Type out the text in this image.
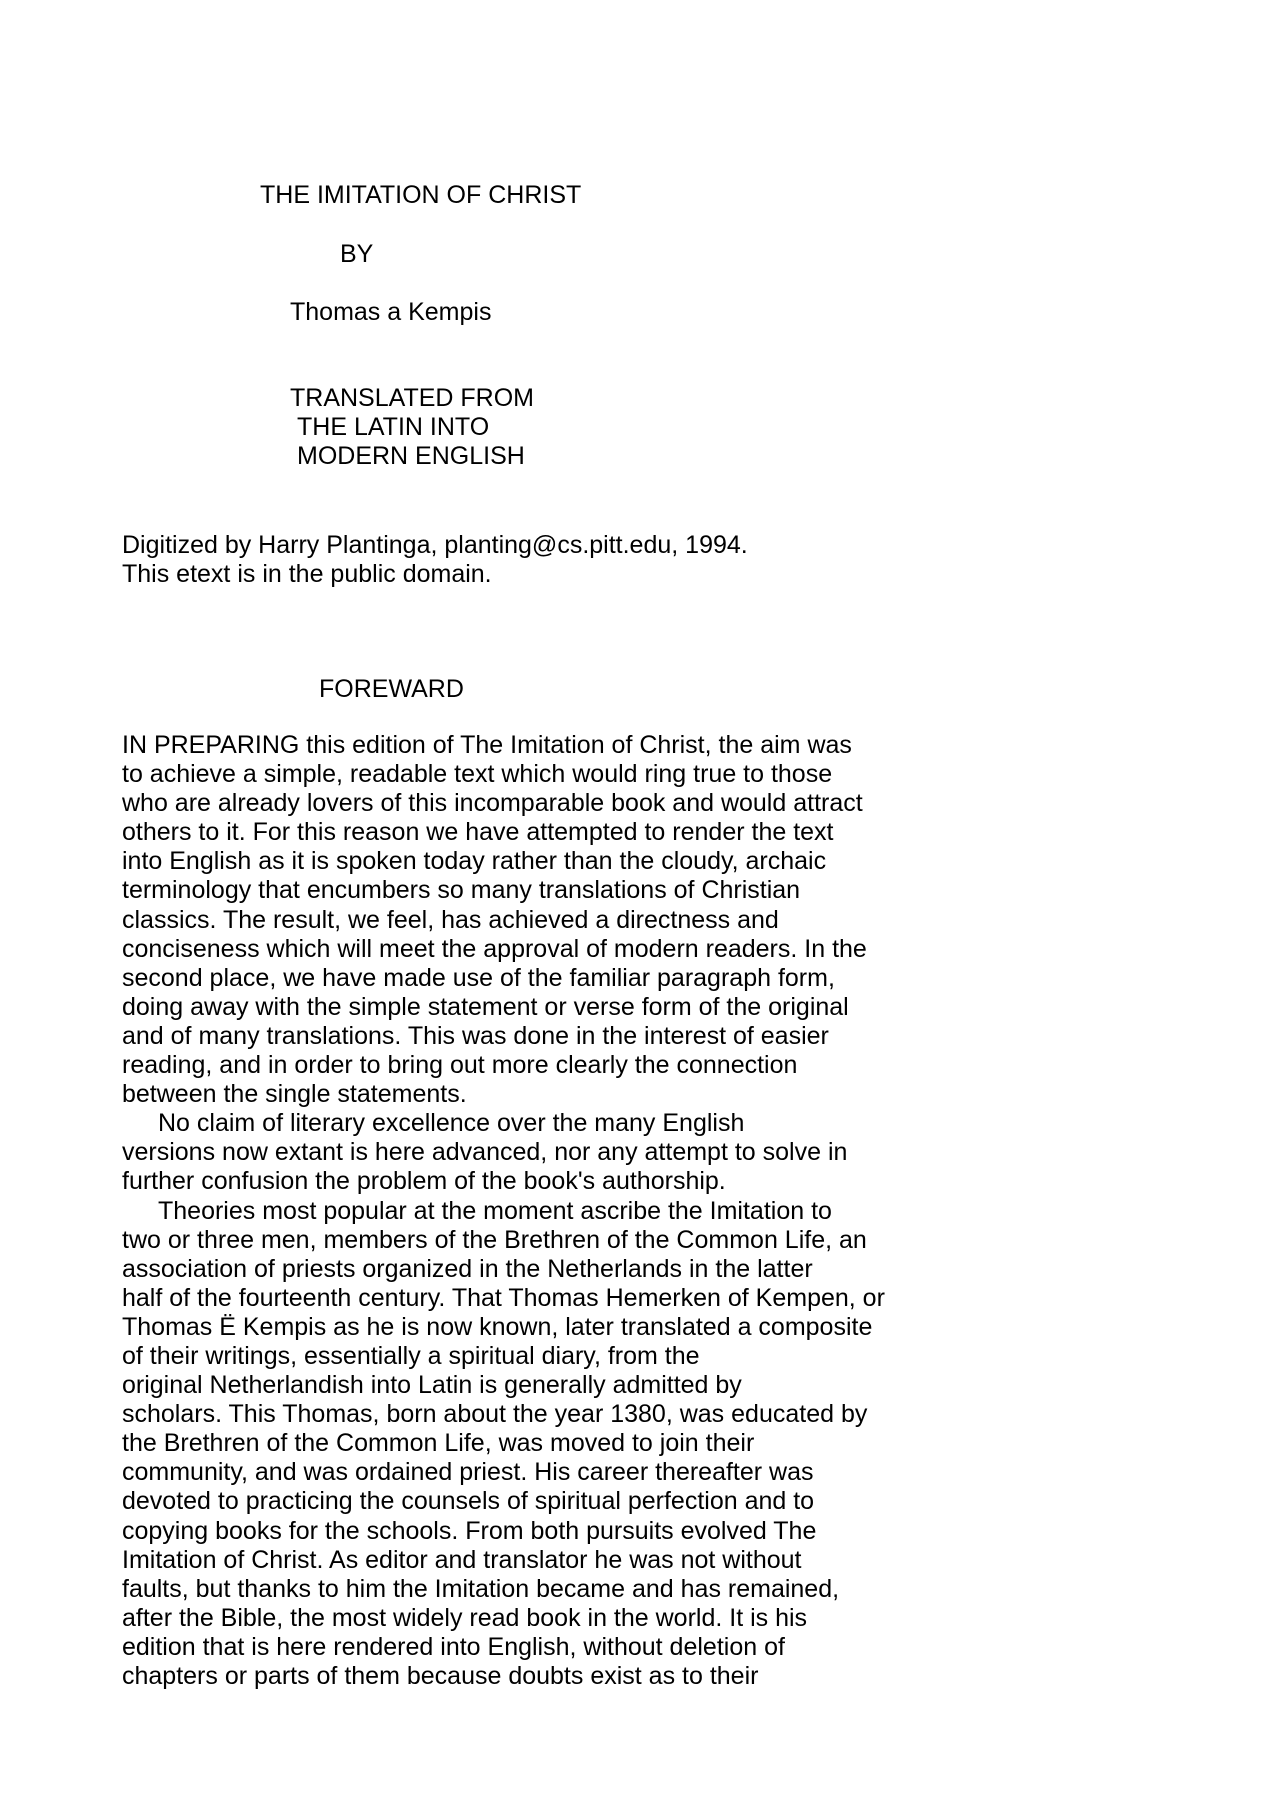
THE IMITATION OF CHRIST

BY

Thomas a Kempis

TRANSLATED FROM

THE LATIN INTO

MODERN ENGLISH

Digitized by Harry Plantinga, planting@cs.pitt.edu, 1994.

This etext is in the public domain.

FOREWARD

IN PREPARING this edition of The Imitation of Christ, the aim was
to achieve a simple, readable text which would ring true to those
who are already lovers of this incomparable book and would attract
others to it. For this reason we have attempted to render the text
into English as it is spoken today rather than the cloudy, archaic
terminology that encumbers so many translations of Christian
classics. The result, we feel, has achieved a directness and
conciseness which will meet the approval of modern readers. In the
second place, we have made use of the familiar paragraph form,
doing away with the simple statement or verse form of the original
and of many translations. This was done in the interest of easier
reading, and in order to bring out more clearly the connection
between the single statements.
No claim of literary excellence over the many English
versions now extant is here advanced, nor any attempt to solve in
further confusion the problem of the book's authorship.
Theories most popular at the moment ascribe the Imitation to
two or three men, members of the Brethren of the Common Life, an
association of priests organized in the Netherlands in the latter
half of the fourteenth century. That Thomas Hemerken of Kempen, or
Thomas Ë Kempis as he is now known, later translated a composite
of their writings, essentially a spiritual diary, from the
original Netherlandish into Latin is generally admitted by
scholars. This Thomas, born about the year 1380, was educated by
the Brethren of the Common Life, was moved to join their
community, and was ordained priest. His career thereafter was
devoted to practicing the counsels of spiritual perfection and to
copying books for the schools. From both pursuits evolved The
Imitation of Christ. As editor and translator he was not without
faults, but thanks to him the Imitation became and has remained,
after the Bible, the most widely read book in the world. It is his
edition that is here rendered into English, without deletion of
chapters or parts of them because doubts exist as to their
